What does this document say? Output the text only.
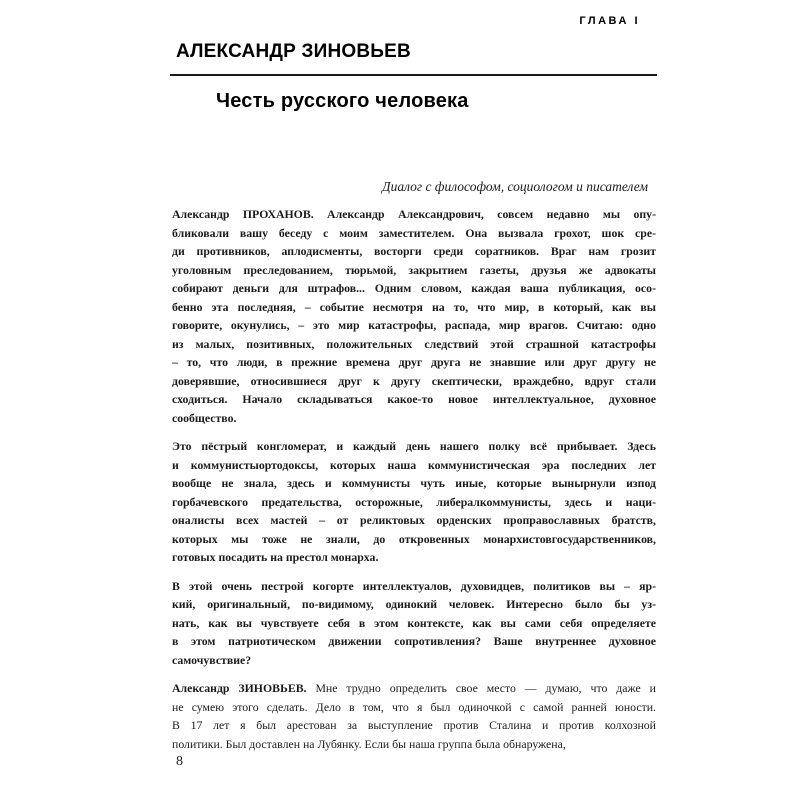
ГЛАВА I
АЛЕКСАНДР ЗИНОВЬЕВ
Честь русского человека
Диалог с философом, социологом и писателем

Александр ПРОХАНОВ. Александр Александрович, совсем недавно мы опу-
бликовали вашу беседу с моим заместителем. Она вызвала грохот, шок сре-
ди противников, аплодисменты, восторги среди соратников. Враг нам грозит
уголовным преследованием, тюрьмой, закрытием газеты, друзья же адвокаты
собирают деньги для штрафов... Одним словом, каждая ваша публикация, осо-
бенно эта последняя, – событие несмотря на то, что мир, в который, как вы
говорите, окунулись, – это мир катастрофы, распада, мир врагов. Считаю: одно
из малых, позитивных, положительных следствий этой страшной катастрофы
– то, что люди, в прежние времена друг друга не знавшие или друг другу не
доверявшие, относившиеся друг к другу скептически, враждебно, вдруг стали
сходиться. Начало складываться какое-то новое интеллектуальное, духовное
сообщество.

Это пёстрый конгломерат, и каждый день нашего полку всё прибывает. Здесь
и коммунистыортодоксы, которых наша коммунистическая эра последних лет
вообще не знала, здесь и коммунисты чуть иные, которые вынырнули изпод
горбачевского предательства, осторожные, либералкоммунисты, здесь и наци-
оналисты всех мастей – от реликтовых орденских проправославных братств,
которых мы тоже не знали, до откровенных монархистовгосударственников,
готовых посадить на престол монарха.

В этой очень пестрой когорте интеллектуалов, духовидцев, политиков вы – яр-
кий, оригинальный, по-видимому, одинокий человек. Интересно было бы уз-
нать, как вы чувствуете себя в этом контексте, как вы сами себя определяете
в этом патриотическом движении сопротивления? Ваше внутреннее духовное
самочувствие?

Александр ЗИНОВЬЕВ. Мне трудно определить свое место — думаю, что даже и
не сумею этого сделать. Дело в том, что я был одиночкой с самой ранней юности.
В 17 лет я был арестован за выступление против Сталина и против колхозной
политики. Был доставлен на Лубянку. Если бы наша группа была обнаружена,

8
